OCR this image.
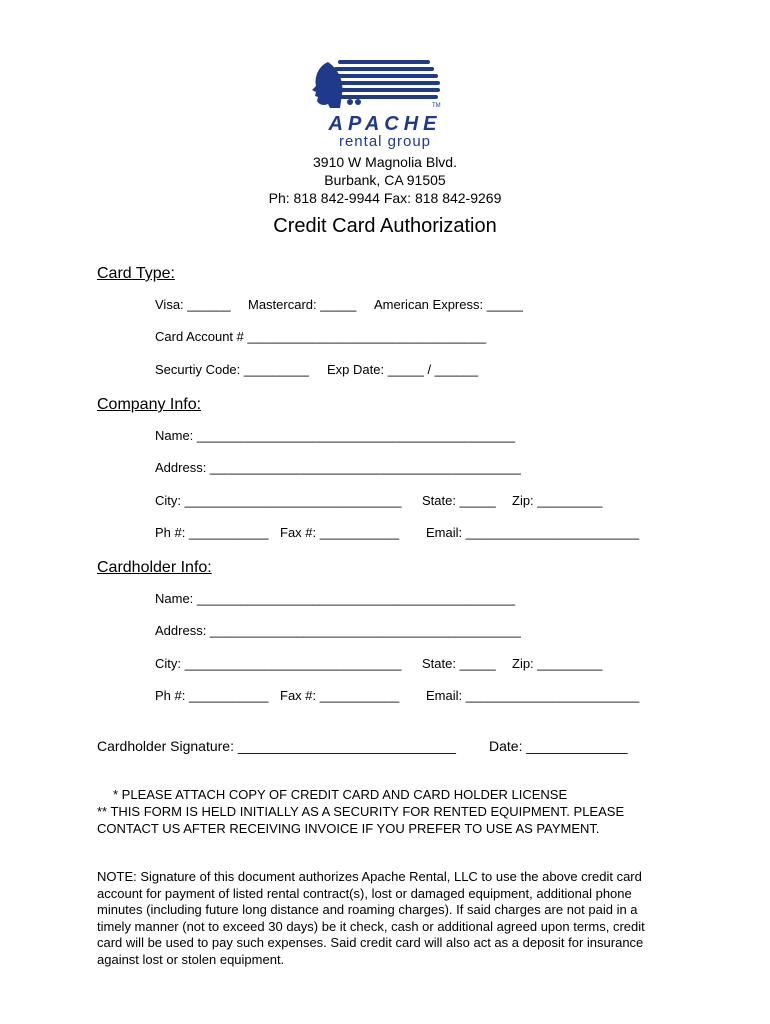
TM
APACHE
rental group
3910 W Magnolia Blvd.
Burbank, CA 91505
Ph: 818 842-9944 Fax: 818 842-9269
Credit Card Authorization
Card Type:
Visa: ______ Mastercard: _____ American Express: _____
Card Account # _________________________________
Securtiy Code: _________ Exp Date: _____ / ______
Company Info:
Name: ____________________________________________
Address: ___________________________________________
City: ______________________________ State: _____ Zip: _________
Ph #: ___________ Fax #: ___________ Email: ________________________
Cardholder Info:
Name: ____________________________________________
Address: ___________________________________________
City: ______________________________ State: _____ Zip: _________
Ph #: ___________ Fax #: ___________ Email: ________________________
Cardholder Signature: ____________________________ Date: _____________
* PLEASE ATTACH COPY OF CREDIT CARD AND CARD HOLDER LICENSE
** THIS FORM IS HELD INITIALLY AS A SECURITY FOR RENTED EQUIPMENT. PLEASE CONTACT US AFTER RECEIVING INVOICE IF YOU PREFER TO USE AS PAYMENT.
NOTE: Signature of this document authorizes Apache Rental, LLC to use the above credit card account for payment of listed rental contract(s), lost or damaged equipment, additional phone minutes (including future long distance and roaming charges). If said charges are not paid in a timely manner (not to exceed 30 days) be it check, cash or additional agreed upon terms, credit card will be used to pay such expenses. Said credit card will also act as a deposit for insurance against lost or stolen equipment.
